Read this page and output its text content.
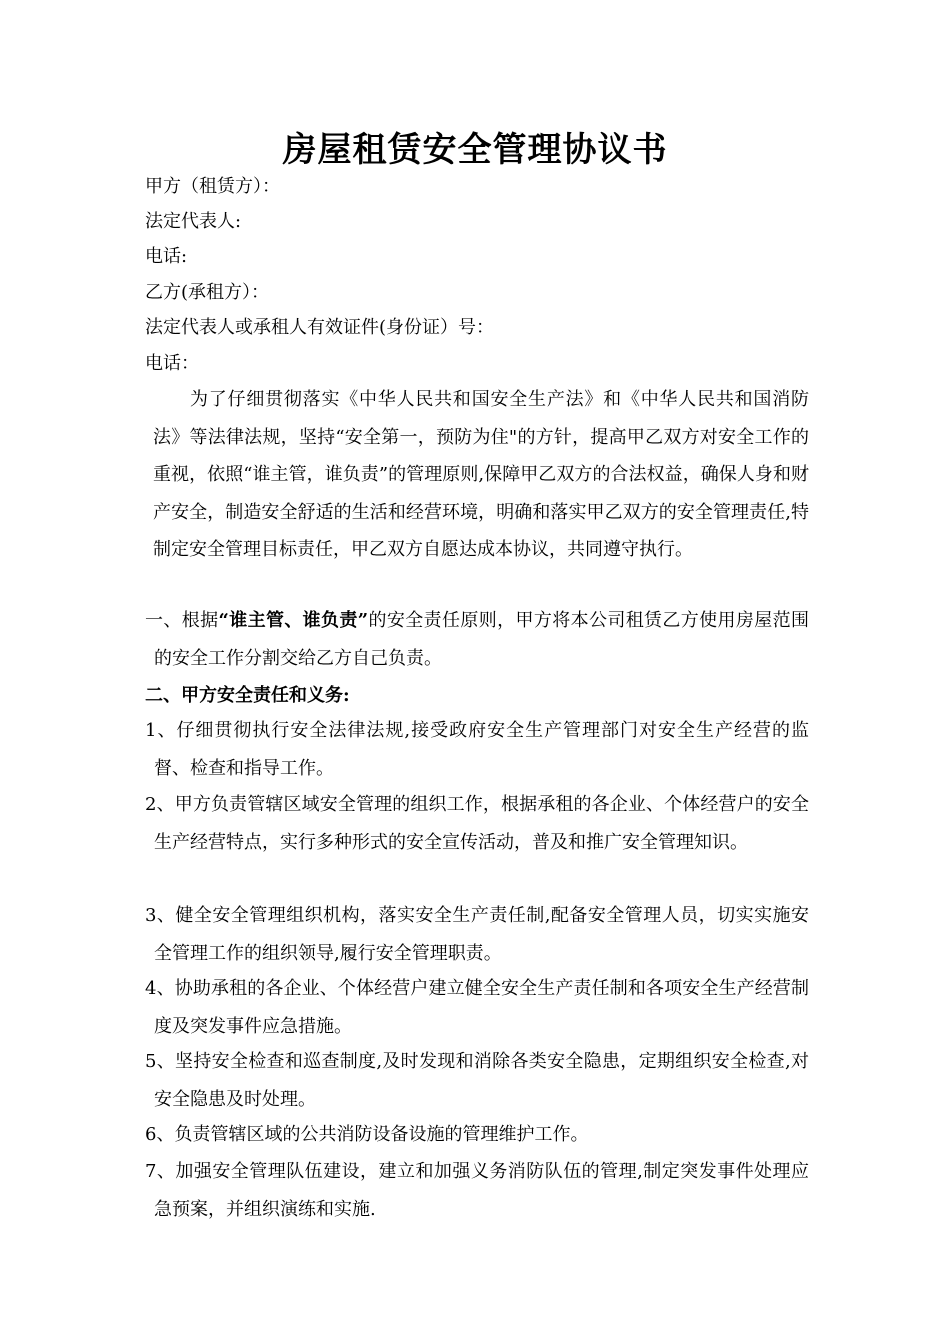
房屋租赁安全管理协议书

甲方（租赁方）：

法定代表人:

电话:

乙方(承租方）：

法定代表人或承租人有效证件(身份证）号：

电话：

为了仔细贯彻落实《中华人民共和国安全生产法》和《中华人民共和国消防法》等法律法规，坚持“安全第一，预防为住"的方针，提高甲乙双方对安全工作的重视，依照“谁主管，谁负责”的管理原则,保障甲乙双方的合法权益，确保人身和财产安全，制造安全舒适的生活和经营环境，明确和落实甲乙双方的安全管理责任,特制定安全管理目标责任，甲乙双方自愿达成本协议，共同遵守执行。

一、根据“谁主管、谁负责”的安全责任原则，甲方将本公司租赁乙方使用房屋范围的安全工作分割交给乙方自己负责。

二、甲方安全责任和义务:

1、仔细贯彻执行安全法律法规,接受政府安全生产管理部门对安全生产经营的监督、检查和指导工作。

2、甲方负责管辖区域安全管理的组织工作，根据承租的各企业、个体经营户的安全生产经营特点，实行多种形式的安全宣传活动，普及和推广安全管理知识。

3、健全安全管理组织机构，落实安全生产责任制,配备安全管理人员，切实实施安全管理工作的组织领导,履行安全管理职责。

4、协助承租的各企业、个体经营户建立健全安全生产责任制和各项安全生产经营制度及突发事件应急措施。

5、坚持安全检查和巡查制度,及时发现和消除各类安全隐患，定期组织安全检查,对安全隐患及时处理。

6、负责管辖区域的公共消防设备设施的管理维护工作。

7、加强安全管理队伍建设，建立和加强义务消防队伍的管理,制定突发事件处理应急预案，并组织演练和实施.
